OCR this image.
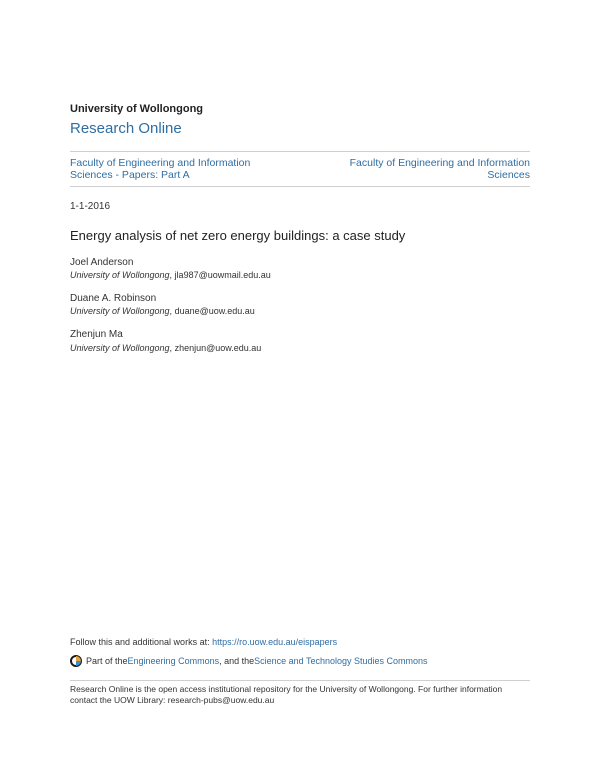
University of Wollongong
Research Online
Faculty of Engineering and Information
Sciences - Papers: Part A
Faculty of Engineering and Information
Sciences
1-1-2016
Energy analysis of net zero energy buildings: a case study
Joel Anderson
University of Wollongong, jla987@uowmail.edu.au
Duane A. Robinson
University of Wollongong, duane@uow.edu.au
Zhenjun Ma
University of Wollongong, zhenjun@uow.edu.au
Follow this and additional works at: https://ro.uow.edu.au/eispapers
Part of the Engineering Commons , and the Science and Technology Studies Commons
Research Online is the open access institutional repository for the University of Wollongong. For further information
contact the UOW Library: research-pubs@uow.edu.au
